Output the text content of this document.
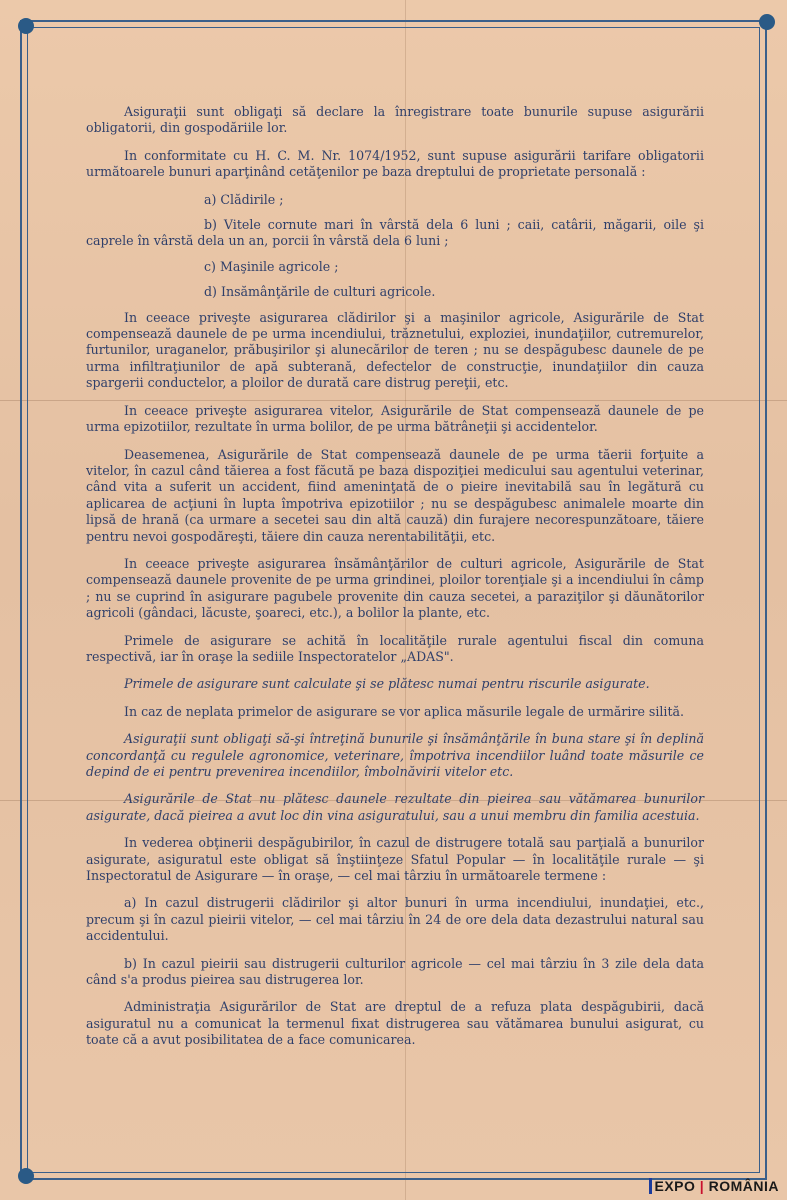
Asiguraţii sunt obligaţi să declare la înregistrare toate bunurile supuse asigurării obligatorii, din gospodăriile lor.

In conformitate cu H. C. M. Nr. 1074/1952, sunt supuse asigurării tarifare obligatorii următoarele bunuri aparţinând cetăţenilor pe baza dreptului de proprietate personală :

a) Clădirile ;

b) Vitele cornute mari în vârstă dela 6 luni ; caii, catârii, măgarii, oile şi caprele în vârstă dela un an, porcii în vârstă dela 6 luni ;

c) Maşinile agricole ;

d) Insămânţările de culturi agricole.

In ceeace priveşte asigurarea clădirilor şi a maşinilor agricole, Asigurările de Stat compensează daunele de pe urma incendiului, trăznetului, exploziei, inundaţiilor, cutremurelor, furtunilor, uraganelor, prăbuşirilor şi alunecărilor de teren ; nu se despăgubesc daunele de pe urma infiltraţiunilor de apă subterană, defectelor de construcţie, inundaţiilor din cauza spargerii conductelor, a ploilor de durată care distrug pereţii, etc.

In ceeace priveşte asigurarea vitelor, Asigurările de Stat compensează daunele de pe urma epizotiilor, rezultate în urma bolilor, de pe urma bătrâneţii şi accidentelor.

Deasemenea, Asigurările de Stat compensează daunele de pe urma tăerii forţuite a vitelor, în cazul când tăierea a fost făcută pe baza dispoziţiei medicului sau agentului veterinar, când vita a suferit un accident, fiind ameninţată de o pieire inevitabilă sau în legătură cu aplicarea de acţiuni în lupta împotriva epizotiilor ; nu se despăgubesc animalele moarte din lipsă de hrană (ca urmare a secetei sau din altă cauză) din furajere necorespunzătoare, tăiere pentru nevoi gospodăreşti, tăiere din cauza nerentabilităţii, etc.

In ceeace priveşte asigurarea însămânţărilor de culturi agricole, Asigurările de Stat compensează daunele provenite de pe urma grindinei, ploilor torenţiale şi a incendiului în câmp ; nu se cuprind în asigurare pagubele provenite din cauza secetei, a paraziţilor şi dăunătorilor agricoli (gândaci, lăcuste, şoareci, etc.), a bolilor la plante, etc.

Primele de asigurare se achită în localităţile rurale agentului fiscal din comuna respectivă, iar în oraşe la sediile Inspectoratelor „ADAS".

Primele de asigurare sunt calculate şi se plătesc numai pentru riscurile asigurate.

In caz de neplata primelor de asigurare se vor aplica măsurile legale de urmărire silită.

Asiguraţii sunt obligaţi să-şi întreţină bunurile şi însămânţările în buna stare şi în deplină concordanţă cu regulele agronomice, veterinare, împotriva incendiilor luând toate măsurile ce depind de ei pentru prevenirea incendiilor, îmbolnăvirii vitelor etc.

Asigurările de Stat nu plătesc daunele rezultate din pieirea sau vătămarea bunurilor asigurate, dacă pieirea a avut loc din vina asiguratului, sau a unui membru din familia acestuia.

In vederea obţinerii despăgubirilor, în cazul de distrugere totală sau parţială a bunurilor asigurate, asiguratul este obligat să înştiinţeze Sfatul Popular — în localităţile rurale — şi Inspectoratul de Asigurare — în oraşe, — cel mai târziu în următoarele termene :

a) In cazul distrugerii clădirilor şi altor bunuri în urma incendiului, inundaţiei, etc., precum şi în cazul pieirii vitelor, — cel mai târziu în 24 de ore dela data dezastrului natural sau accidentului.

b) In cazul pieirii sau distrugerii culturilor agricole — cel mai târziu în 3 zile dela data când s'a produs pieirea sau distrugerea lor.

Administraţia Asigurărilor de Stat are dreptul de a refuza plata despăgubirii, dacă asiguratul nu a comunicat la termenul fixat distrugerea sau vătămarea bunului asigurat, cu toate că a avut posibilitatea de a face comunicarea.

EXPO | ROMÂNIA
